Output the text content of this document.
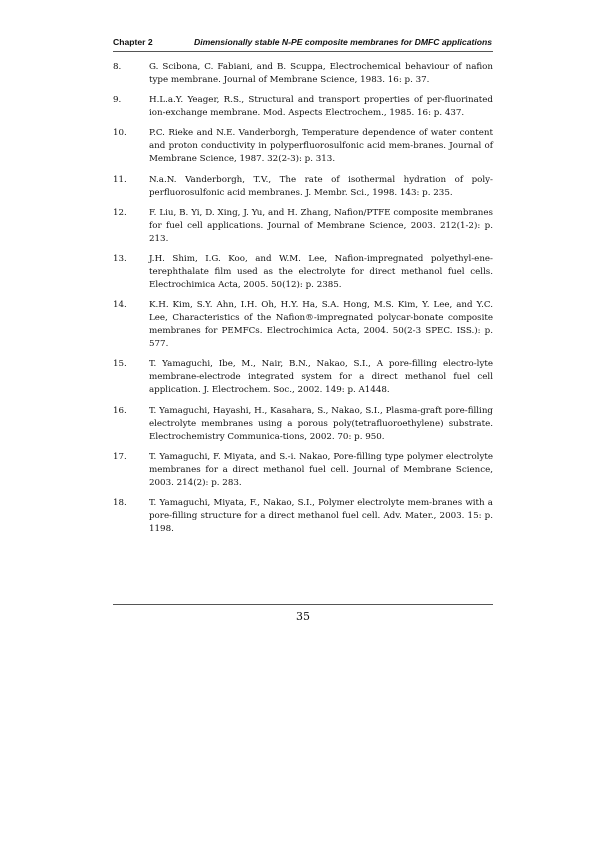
Chapter 2	Dimensionally stable N-PE composite membranes for DMFC applications
8.	G. Scibona, C. Fabiani, and B. Scuppa, Electrochemical behaviour of nafion type membrane. Journal of Membrane Science, 1983. 16: p. 37.
9.	H.L.a.Y. Yeager, R.S., Structural and transport properties of per-fluorinated ion-exchange membrane. Mod. Aspects Electrochem., 1985. 16: p. 437.
10.	P.C. Rieke and N.E. Vanderborgh, Temperature dependence of water content and proton conductivity in polyperfluorosulfonic acid mem-branes. Journal of Membrane Science, 1987. 32(2-3): p. 313.
11.	N.a.N. Vanderborgh, T.V., The rate of isothermal hydration of poly-perfluorosulfonic acid membranes. J. Membr. Sci., 1998. 143: p. 235.
12.	F. Liu, B. Yi, D. Xing, J. Yu, and H. Zhang, Nafion/PTFE composite membranes for fuel cell applications. Journal of Membrane Science, 2003. 212(1-2): p. 213.
13.	J.H. Shim, I.G. Koo, and W.M. Lee, Nafion-impregnated polyethyl-ene-terephthalate film used as the electrolyte for direct methanol fuel cells. Electrochimica Acta, 2005. 50(12): p. 2385.
14.	K.H. Kim, S.Y. Ahn, I.H. Oh, H.Y. Ha, S.A. Hong, M.S. Kim, Y. Lee, and Y.C. Lee, Characteristics of the Nafion®-impregnated polycar-bonate composite membranes for PEMFCs. Electrochimica Acta, 2004. 50(2-3 SPEC. ISS.): p. 577.
15.	T. Yamaguchi, Ibe, M., Nair, B.N., Nakao, S.I., A pore-filling electro-lyte membrane-electrode integrated system for a direct methanol fuel cell application. J. Electrochem. Soc., 2002. 149: p. A1448.
16.	T. Yamaguchi, Hayashi, H., Kasahara, S., Nakao, S.I., Plasma-graft pore-filling electrolyte membranes using a porous poly(tetrafluoroethylene) substrate. Electrochemistry Communica-tions, 2002. 70: p. 950.
17.	T. Yamaguchi, F. Miyata, and S.-i. Nakao, Pore-filling type polymer electrolyte membranes for a direct methanol fuel cell. Journal of Membrane Science, 2003. 214(2): p. 283.
18.	T. Yamaguchi, Miyata, F., Nakao, S.I., Polymer electrolyte mem-branes with a pore-filling structure for a direct methanol fuel cell. Adv. Mater., 2003. 15: p. 1198.
35
